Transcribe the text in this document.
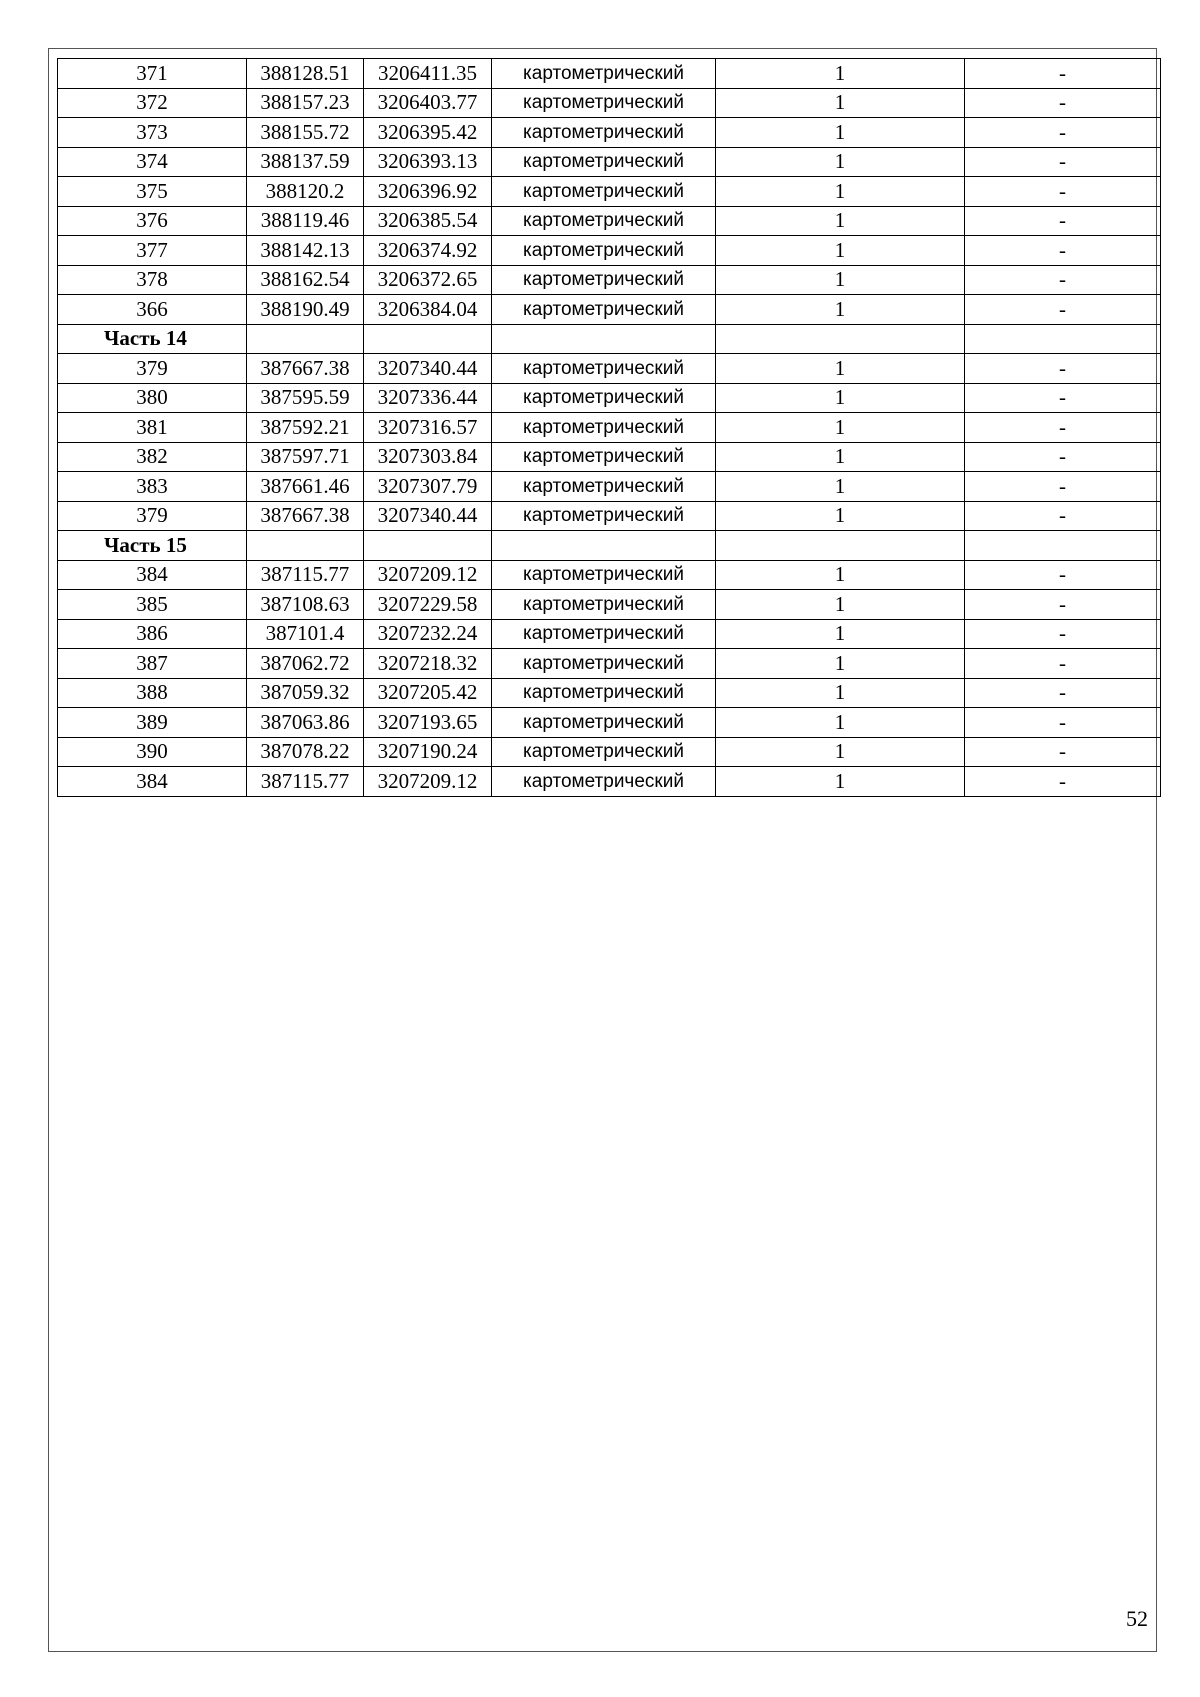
371	388128.51	3206411.35	картометрический	1	-
372	388157.23	3206403.77	картометрический	1	-
373	388155.72	3206395.42	картометрический	1	-
374	388137.59	3206393.13	картометрический	1	-
375	388120.2	3206396.92	картометрический	1	-
376	388119.46	3206385.54	картометрический	1	-
377	388142.13	3206374.92	картометрический	1	-
378	388162.54	3206372.65	картометрический	1	-
366	388190.49	3206384.04	картометрический	1	-
Часть 14					
379	387667.38	3207340.44	картометрический	1	-
380	387595.59	3207336.44	картометрический	1	-
381	387592.21	3207316.57	картометрический	1	-
382	387597.71	3207303.84	картометрический	1	-
383	387661.46	3207307.79	картометрический	1	-
379	387667.38	3207340.44	картометрический	1	-
Часть 15					
384	387115.77	3207209.12	картометрический	1	-
385	387108.63	3207229.58	картометрический	1	-
386	387101.4	3207232.24	картометрический	1	-
387	387062.72	3207218.32	картометрический	1	-
388	387059.32	3207205.42	картометрический	1	-
389	387063.86	3207193.65	картометрический	1	-
390	387078.22	3207190.24	картометрический	1	-
384	387115.77	3207209.12	картометрический	1	-
52
